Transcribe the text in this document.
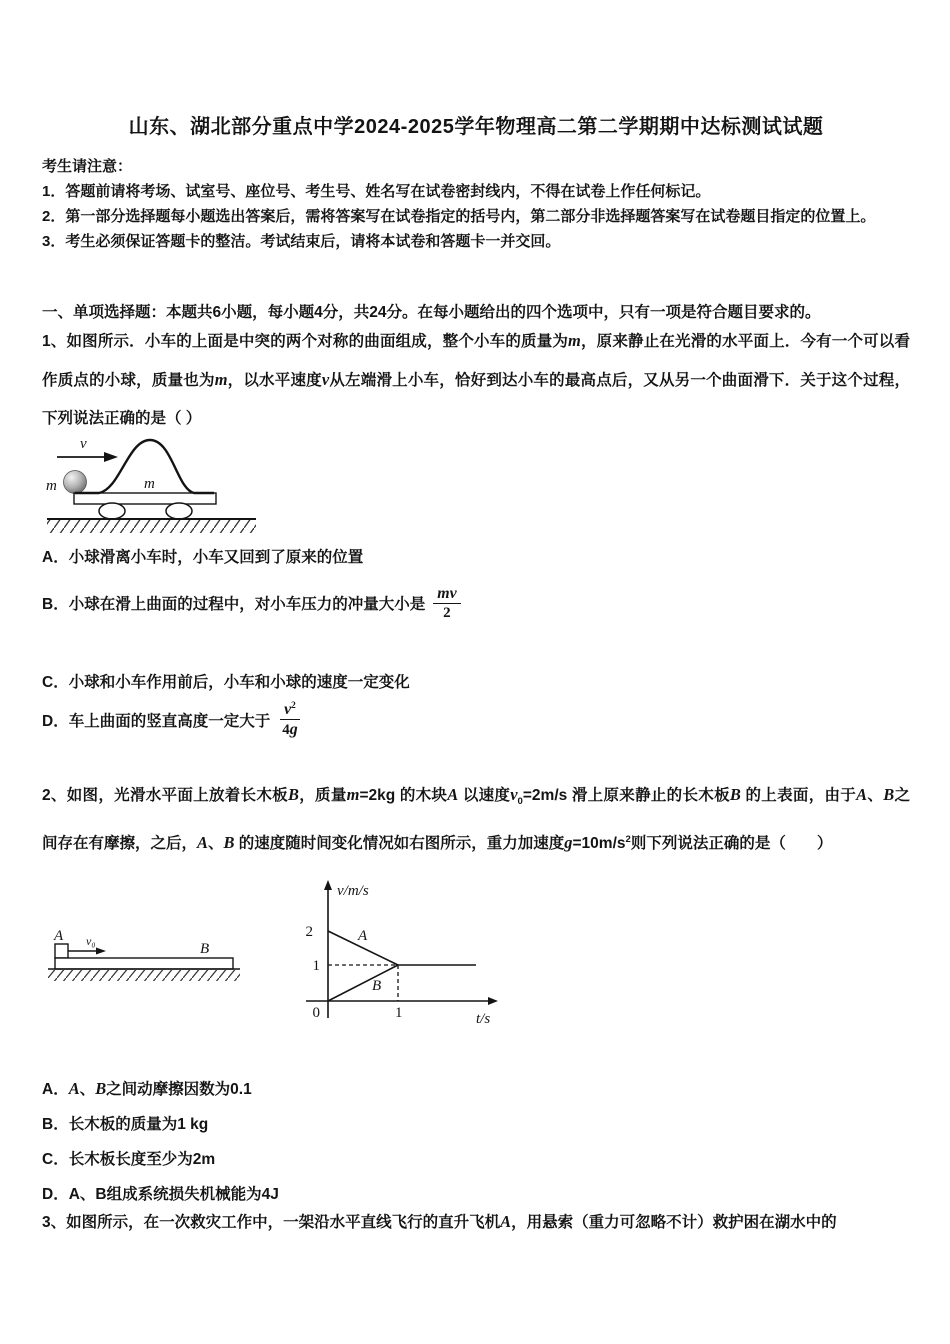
山东、湖北部分重点中学2024-2025学年物理高二第二学期期中达标测试试题

考生请注意：

1．答题前请将考场、试室号、座位号、考生号、姓名写在试卷密封线内，不得在试卷上作任何标记。

2．第一部分选择题每小题选出答案后，需将答案写在试卷指定的括号内，第二部分非选择题答案写在试卷题目指定的位置上。

3．考生必须保证答题卡的整洁。考试结束后，请将本试卷和答题卡一并交回。

一、单项选择题：本题共6小题，每小题4分，共24分。在每小题给出的四个选项中，只有一项是符合题目要求的。
1、如图所示．小车的上面是中突的两个对称的曲面组成，整个小车的质量为m，原来静止在光滑的水平面上．今有一个可以看作质点的小球，质量也为m，以水平速度v从左端滑上小车，恰好到达小车的最高点后，又从另一个曲面滑下．关于这个过程，下列说法正确的是（ ）
v
m	m
A．小球滑离小车时，小车又回到了原来的位置
B．小球在滑上曲面的过程中，对小车压力的冲量大小是 $\frac{mv}{2}$
C．小球和小车作用前后，小车和小球的速度一定变化
D．车上曲面的竖直高度一定大于 $\frac{v^2}{4g}$
2、如图，光滑水平面上放着长木板B，质量m=2kg 的木块A 以速度$v_0=2m/s$ 滑上原来静止的长木板B 的上表面，由于A、B之间存在有摩擦，之后，A、B 的速度随时间变化情况如右图所示，重力加速度$g=10m/s^2$则下列说法正确的是（　　）
A v₀	B
v/m/s
t/s
2
1
0	1
A
B
A．A、B之间动摩擦因数为0.1
B．长木板的质量为1 kg
C．长木板长度至少为2m
D．A、B组成系统损失机械能为4J
3、如图所示，在一次救灾工作中，一架沿水平直线飞行的直升飞机A，用悬索（重力可忽略不计）救护困在湖水中的
